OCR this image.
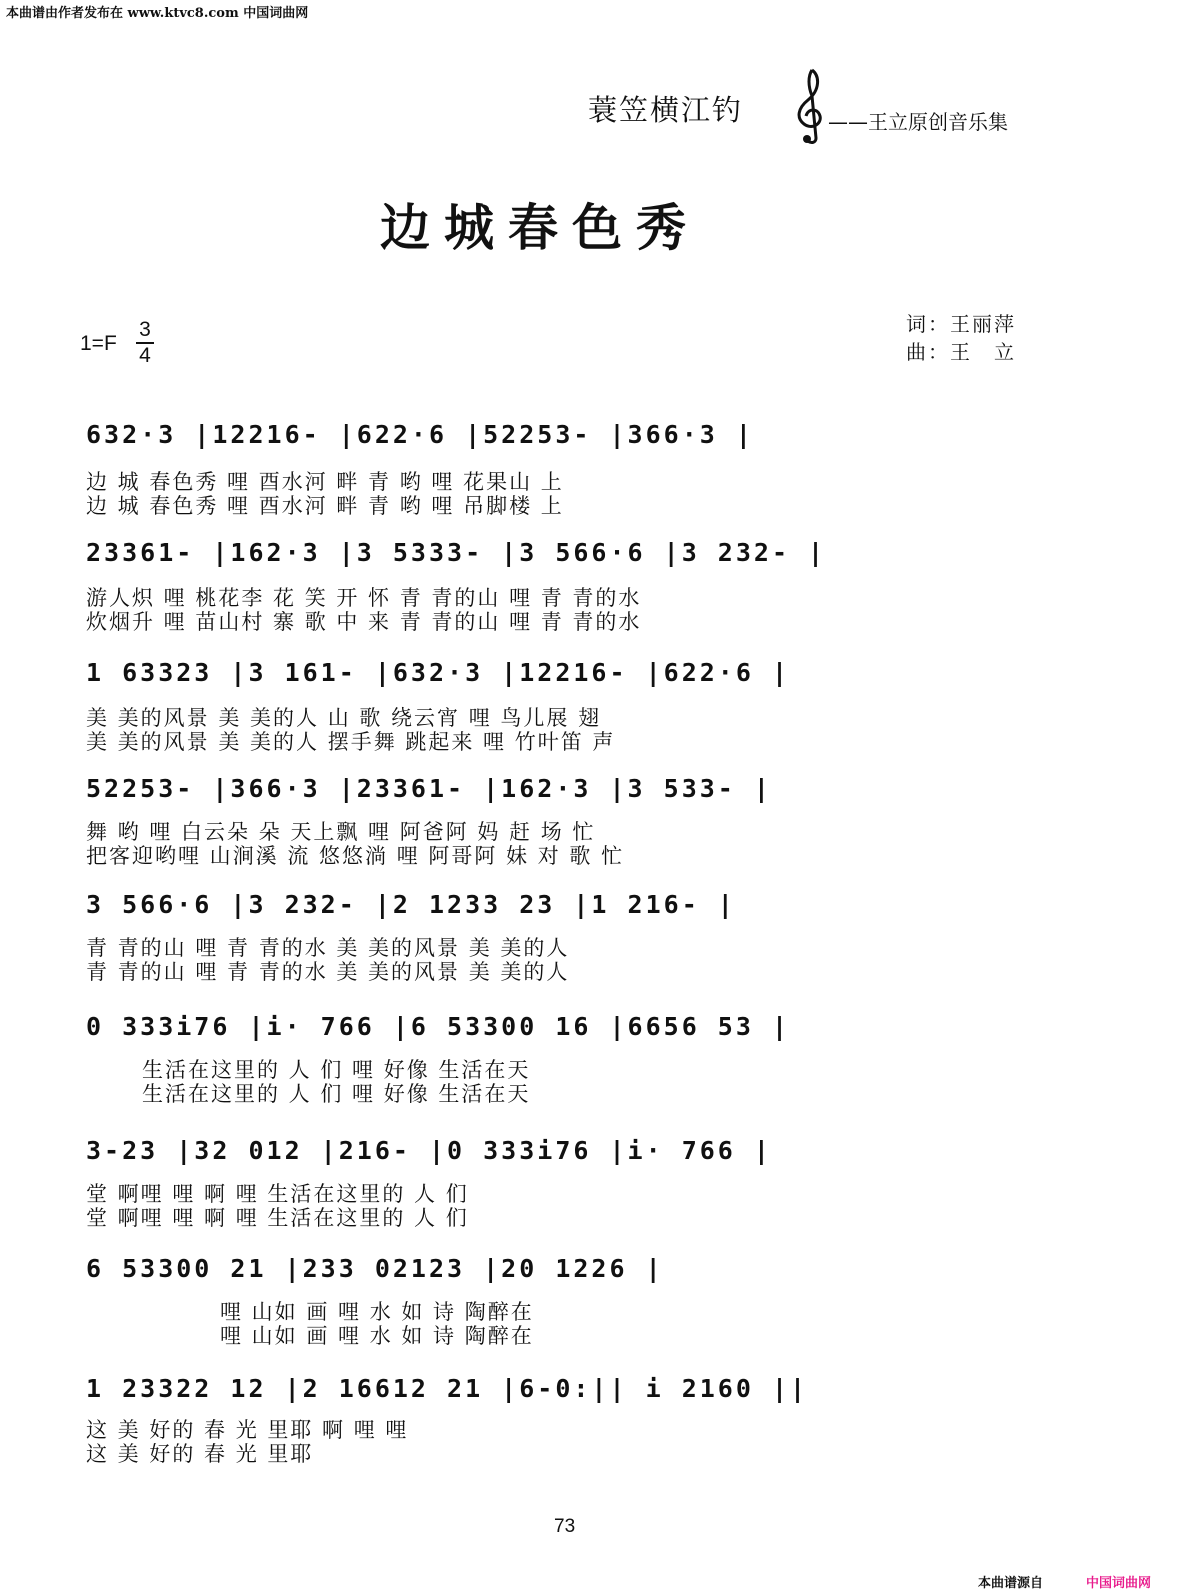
本曲谱由作者发布在 www.ktvc8.com 中国词曲网
蓑笠横江钓	——王立原创音乐集
边城春色秀
1=F
3
4
词：王丽萍
曲：王　立
632·3 |12216- |622·6 |52253- |366·3 |
边 城 春色秀 哩 酉水河 畔 青 哟 哩 花果山 上
边 城 春色秀 哩 酉水河 畔 青 哟 哩 吊脚楼 上
23361- |162·3 |3 5333- |3 566·6 |3 232- |
游人炽 哩 桃花李 花 笑 开 怀 青 青的山 哩 青 青的水
炊烟升 哩 苗山村 寨 歌 中 来 青 青的山 哩 青 青的水
1 63323 |3 161- |632·3 |12216- |622·6 |
美 美的风景 美 美的人 山 歌 绕云宵 哩 鸟儿展 翅
美 美的风景 美 美的人 摆手舞 跳起来 哩 竹叶笛 声
52253- |366·3 |23361- |162·3 |3 533- |
舞 哟 哩 白云朵 朵 天上飘 哩 阿爸阿 妈 赶 场 忙
把客迎哟哩 山涧溪 流 悠悠淌 哩 阿哥阿 妹 对 歌 忙
3 566·6 |3 232- |2 1233 23 |1 216- |
青 青的山 哩 青 青的水 美 美的风景 美 美的人
青 青的山 哩 青 青的水 美 美的风景 美 美的人
0 333i76 |i· 766 |6 53300 16 |6656 53 |
生活在这里的 人 们 哩 好像 生活在天
生活在这里的 人 们 哩 好像 生活在天
3-23 |32 012 |216- |0 333i76 |i· 766 |
堂 啊哩 哩 啊 哩 生活在这里的 人 们
堂 啊哩 哩 啊 哩 生活在这里的 人 们
6 53300 21 |233 02123 |20 1226 |
哩 山如 画 哩 水 如 诗 陶醉在
哩 山如 画 哩 水 如 诗 陶醉在
1 23322 12 |2 16612 21 |6-0:|| i 2160 ||
这 美 好的 春 光 里耶 啊 哩 哩
这 美 好的 春 光 里耶
73
本曲谱源自	中国词曲网
